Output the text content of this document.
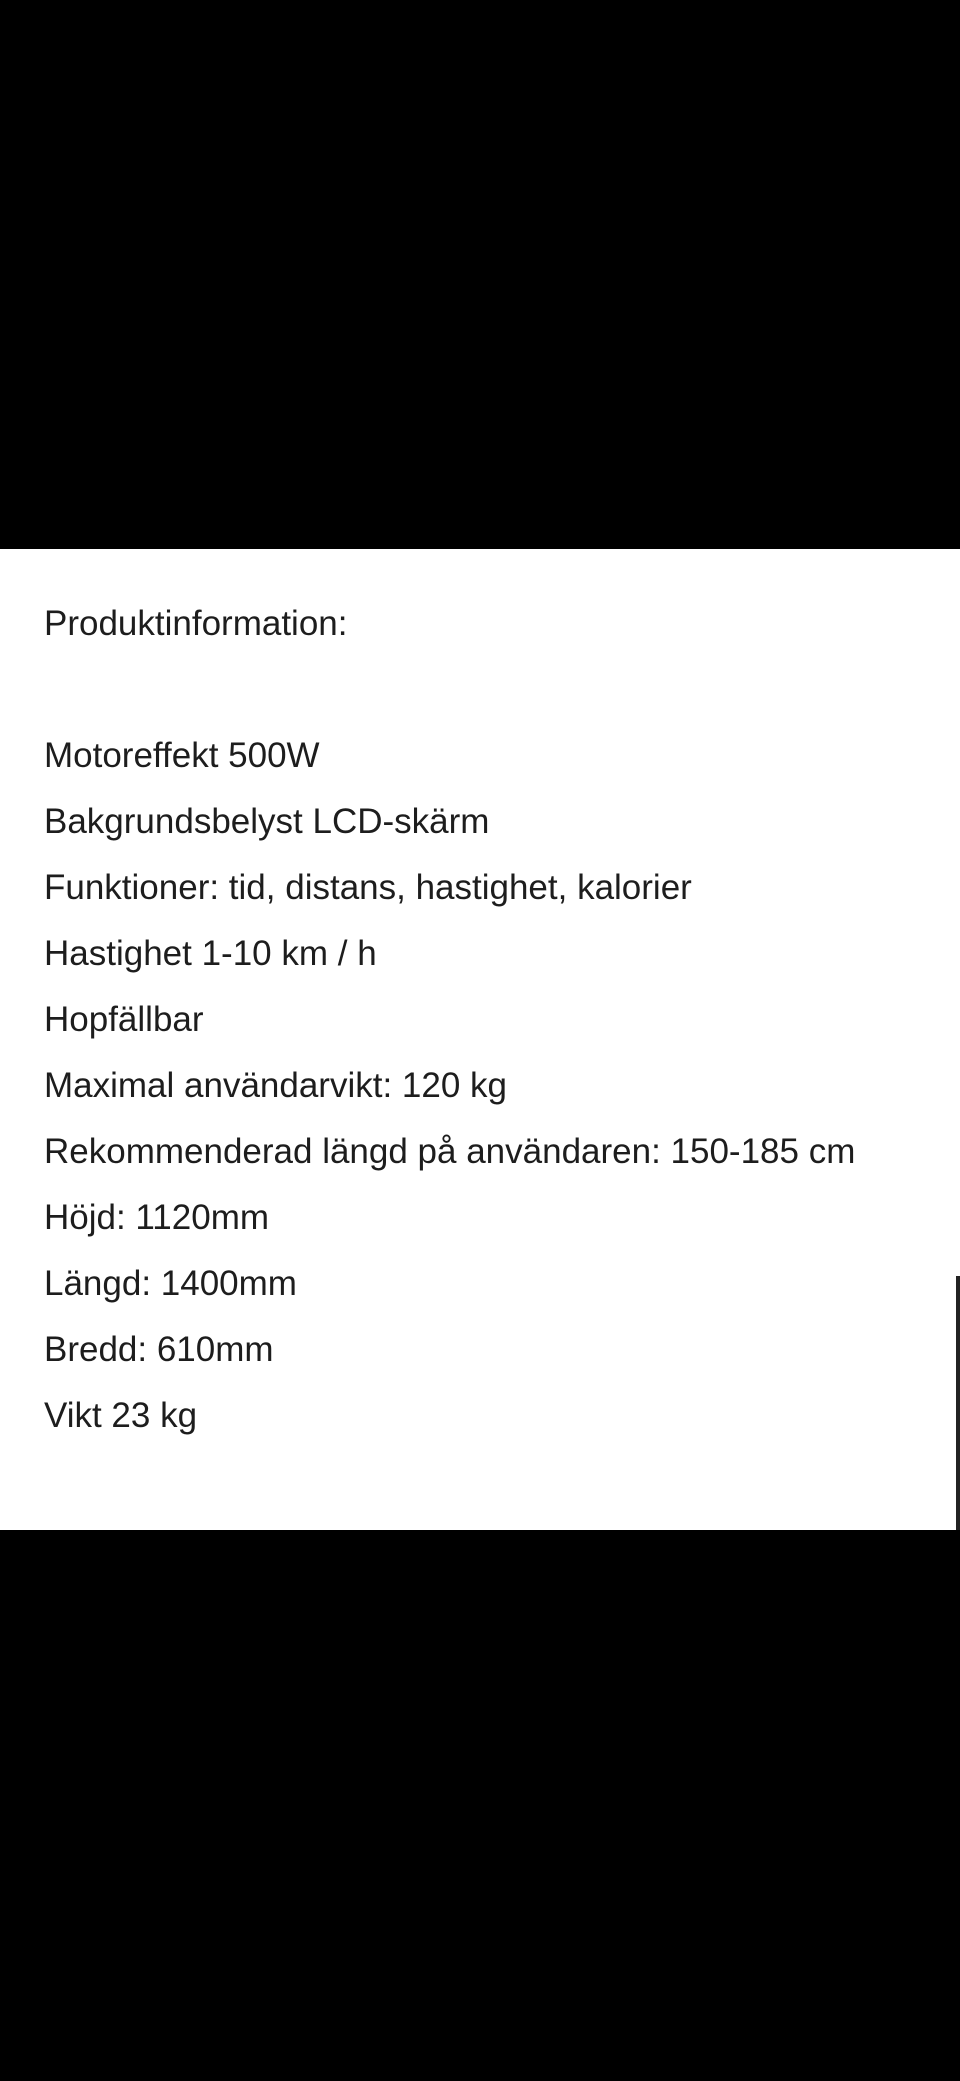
Produktinformation:
Motoreffekt 500W
Bakgrundsbelyst LCD-skärm
Funktioner: tid, distans, hastighet, kalorier
Hastighet 1-10 km / h
Hopfällbar
Maximal användarvikt: 120 kg
Rekommenderad längd på användaren: 150-185 cm
Höjd: 1120mm
Längd: 1400mm
Bredd: 610mm
Vikt 23 kg
